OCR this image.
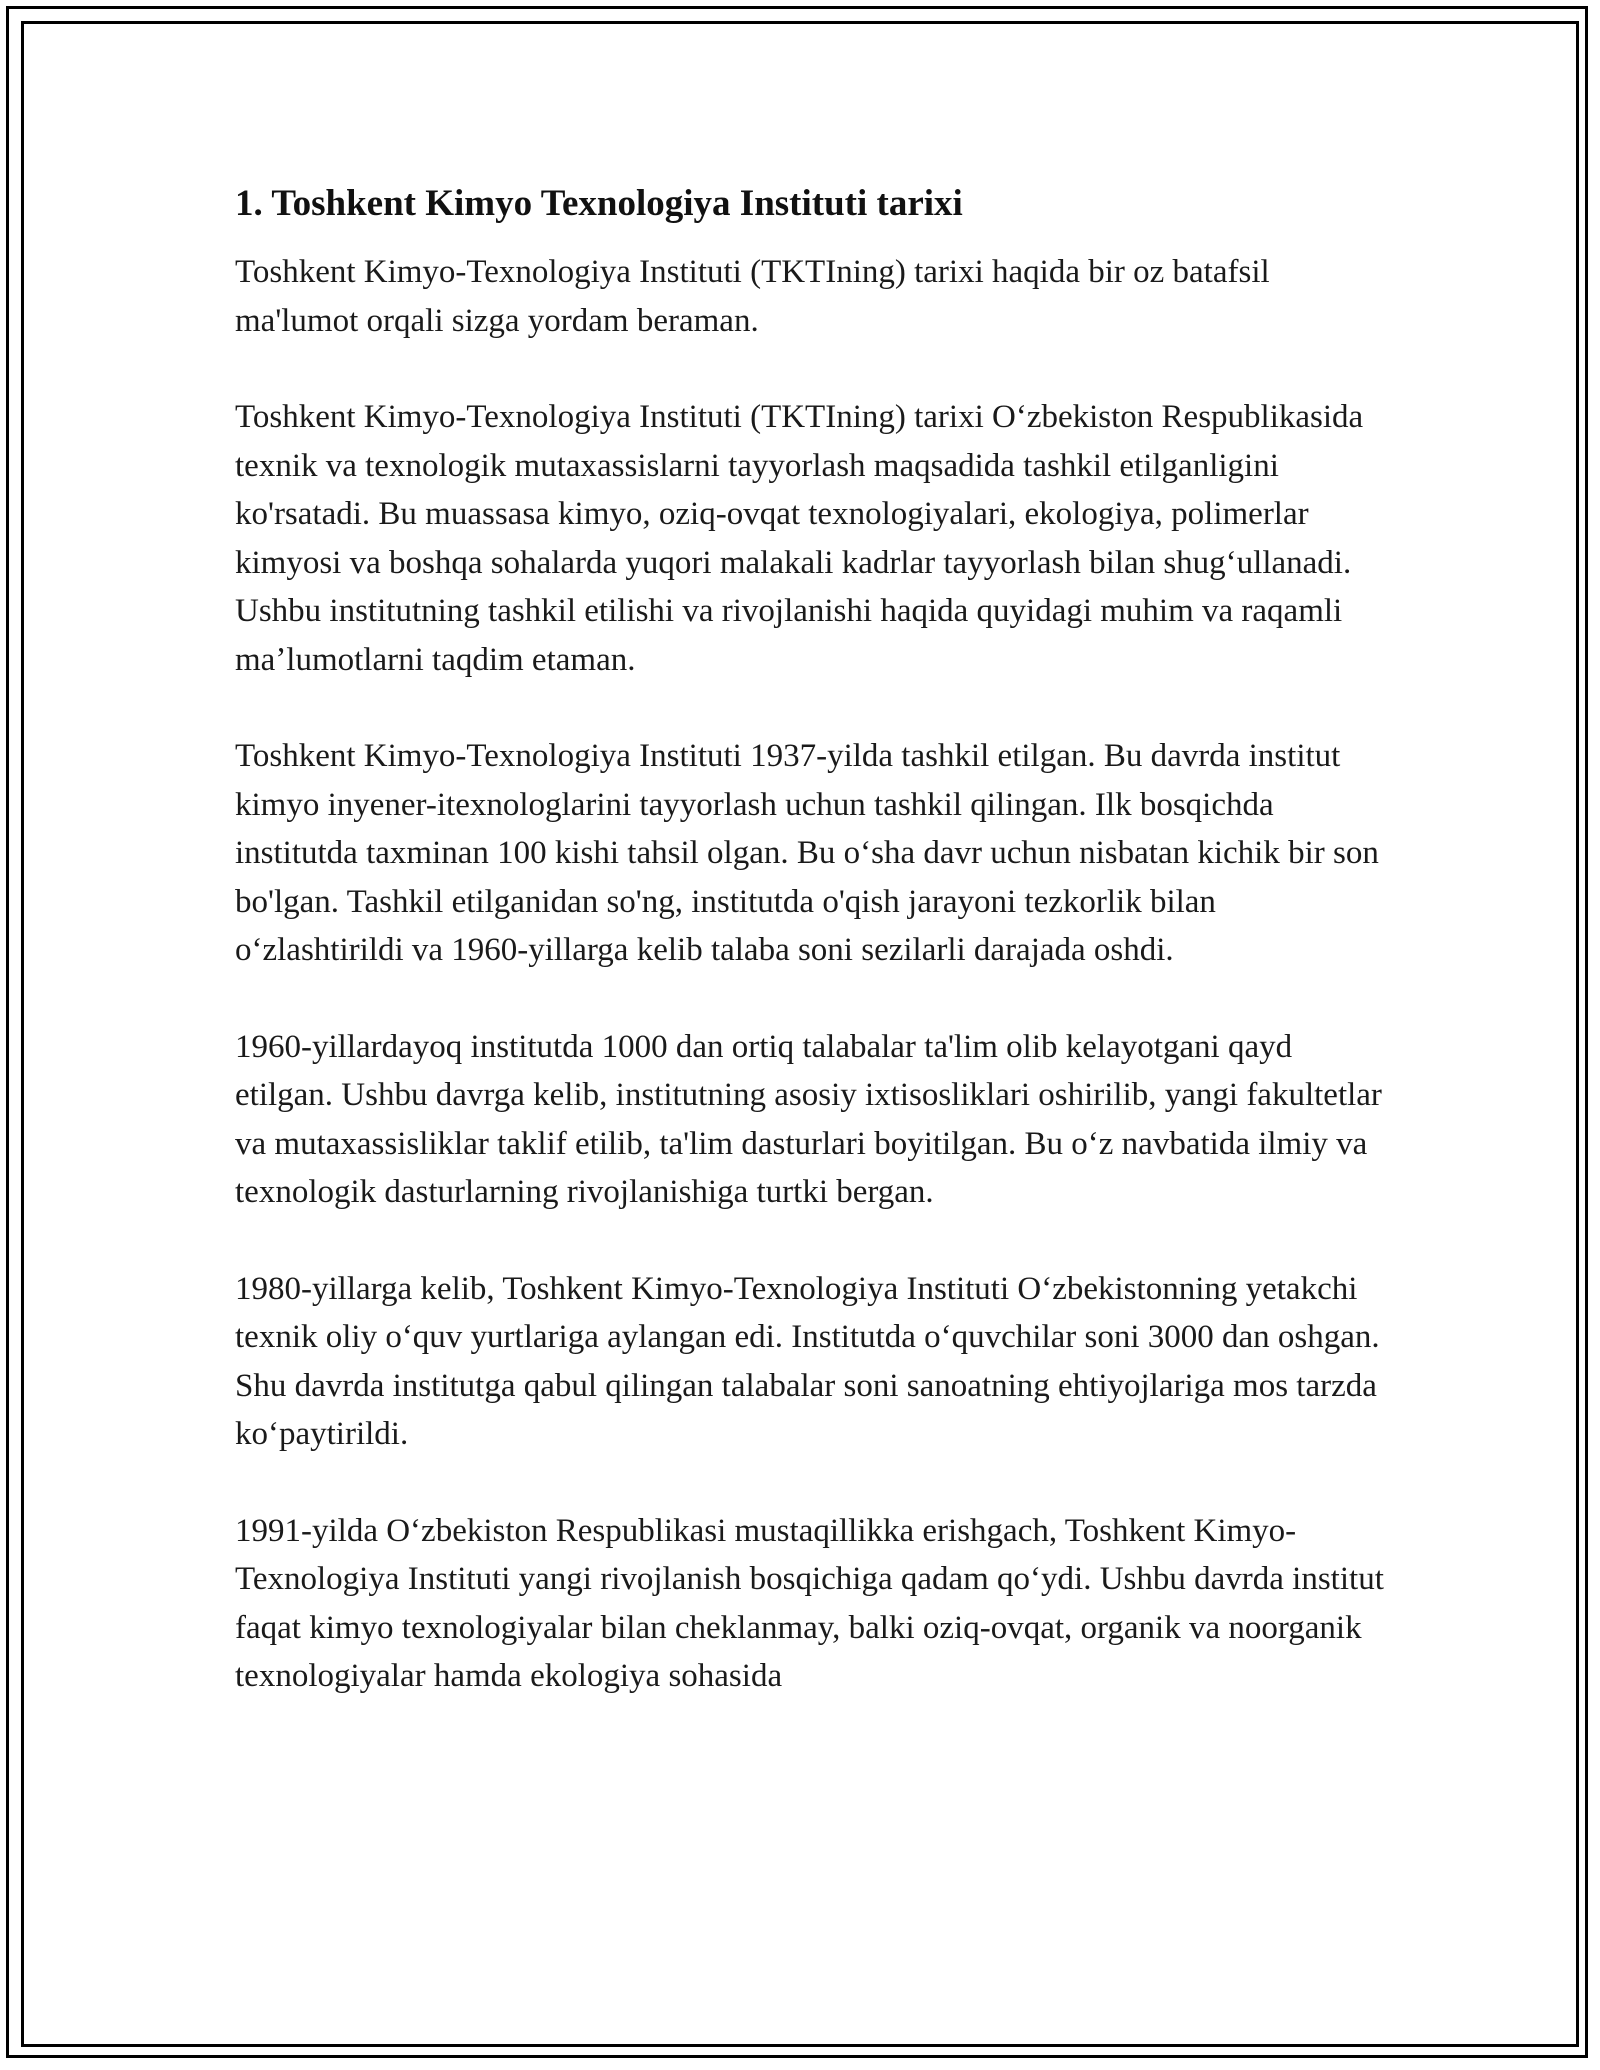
1. Toshkent Kimyo Texnologiya Instituti tarixi

Toshkent Kimyo-Texnologiya Instituti (TKTIning) tarixi haqida bir oz batafsil ma'lumot orqali sizga yordam beraman.

Toshkent Kimyo-Texnologiya Instituti (TKTIning) tarixi Oʻzbekiston Respublikasida texnik va texnologik mutaxassislarni tayyorlash maqsadida tashkil etilganligini ko'rsatadi. Bu muassasa kimyo, oziq-ovqat texnologiyalari, ekologiya, polimerlar kimyosi va boshqa sohalarda yuqori malakali kadrlar tayyorlash bilan shugʻullanadi. Ushbu institutning tashkil etilishi va rivojlanishi haqida quyidagi muhim va raqamli maʼlumotlarni taqdim etaman.

Toshkent Kimyo-Texnologiya Instituti 1937-yilda tashkil etilgan. Bu davrda institut kimyo inyener-itexnologlarini tayyorlash uchun tashkil qilingan. Ilk bosqichda institutda taxminan 100 kishi tahsil olgan. Bu oʻsha davr uchun nisbatan kichik bir son bo'lgan. Tashkil etilganidan so'ng, institutda o'qish jarayoni tezkorlik bilan oʻzlashtirildi va 1960-yillarga kelib talaba soni sezilarli darajada oshdi.

1960-yillardayoq institutda 1000 dan ortiq talabalar ta'lim olib kelayotgani qayd etilgan. Ushbu davrga kelib, institutning asosiy ixtisosliklari oshirilib, yangi fakultetlar va mutaxassisliklar taklif etilib, ta'lim dasturlari boyitilgan. Bu oʻz navbatida ilmiy va texnologik dasturlarning rivojlanishiga turtki bergan.

1980-yillarga kelib, Toshkent Kimyo-Texnologiya Instituti Oʻzbekistonning yetakchi texnik oliy oʻquv yurtlariga aylangan edi. Institutda oʻquvchilar soni 3000 dan oshgan. Shu davrda institutga qabul qilingan talabalar soni sanoatning ehtiyojlariga mos tarzda koʻpaytirildi.

1991-yilda Oʻzbekiston Respublikasi mustaqillikka erishgach, Toshkent Kimyo-Texnologiya Instituti yangi rivojlanish bosqichiga qadam qoʻydi. Ushbu davrda institut faqat kimyo texnologiyalar bilan cheklanmay, balki oziq-ovqat, organik va noorganik texnologiyalar hamda ekologiya sohasida
